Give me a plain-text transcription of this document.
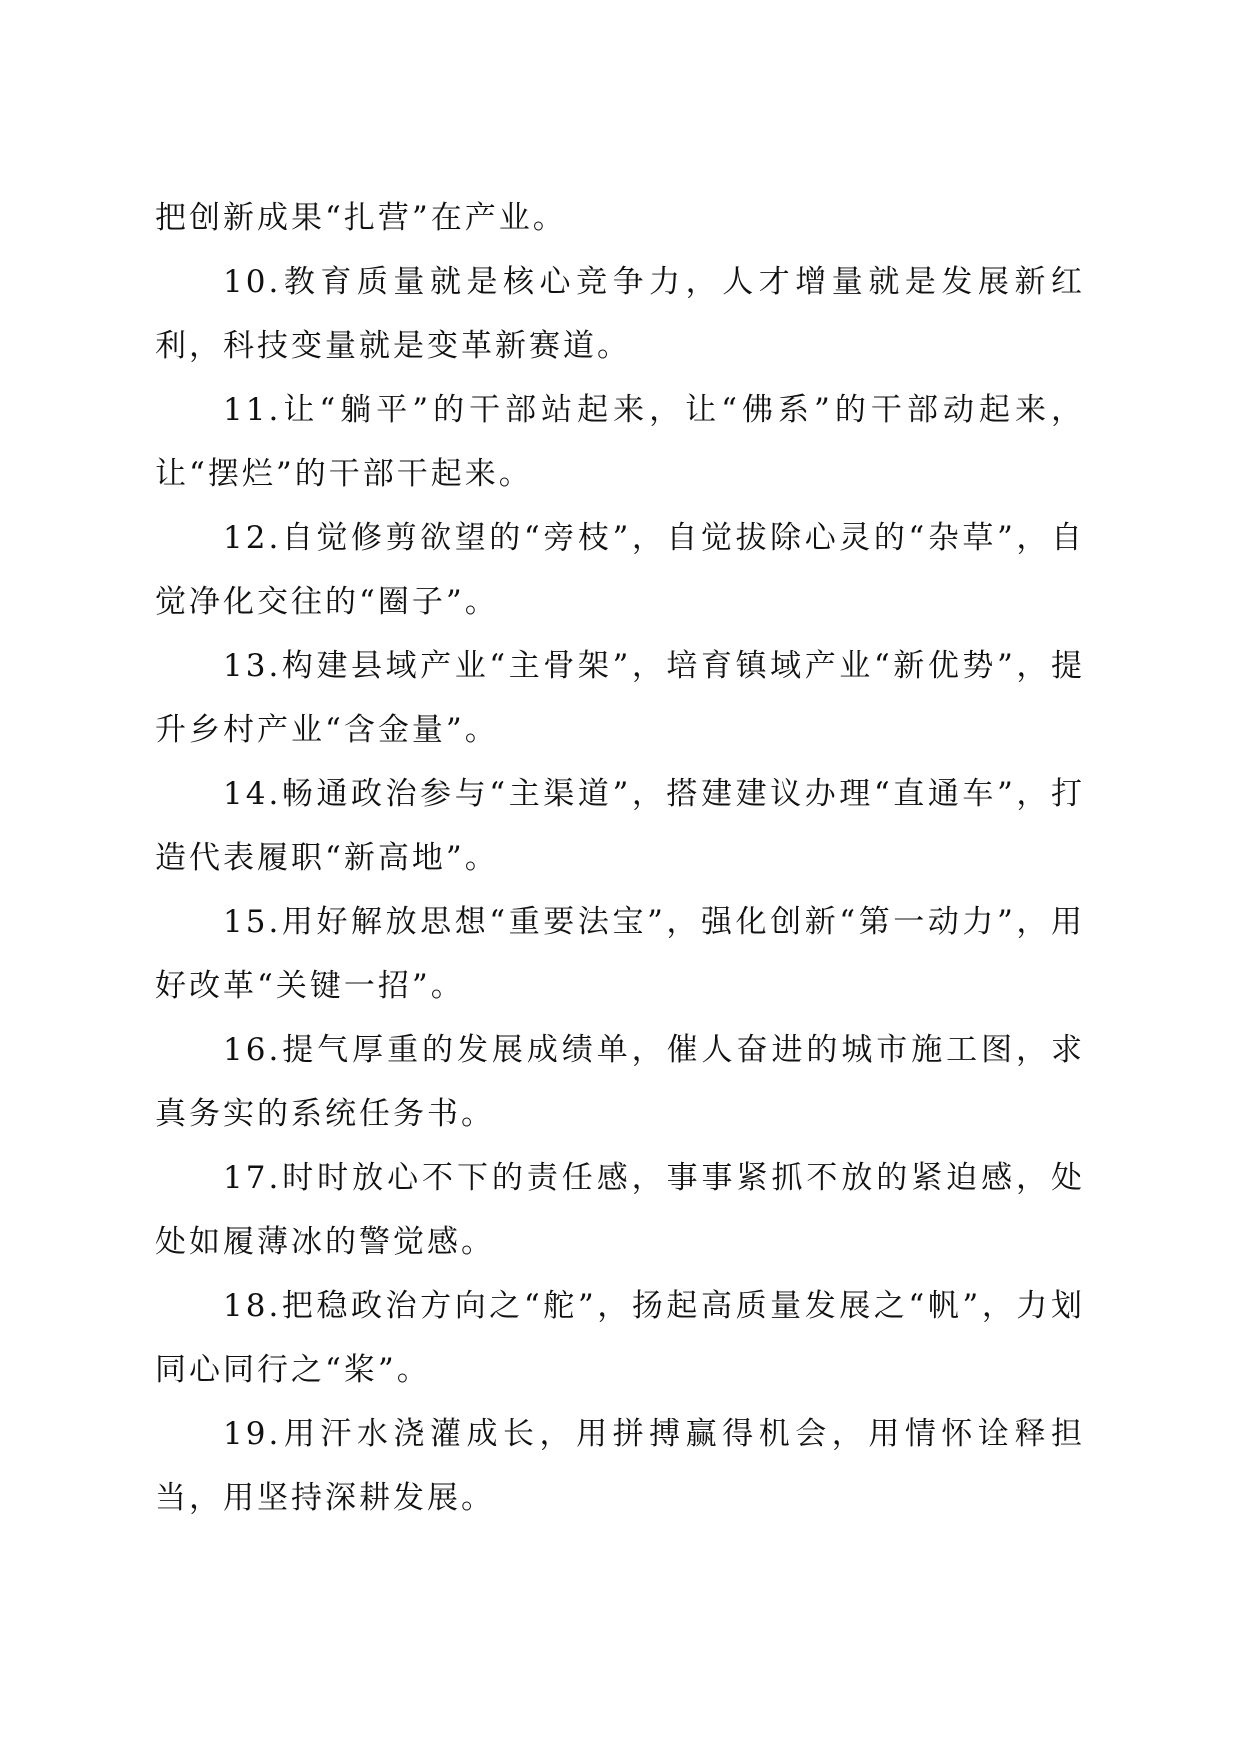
把创新成果“扎营”在产业。

10.教育质量就是核心竞争力，人才增量就是发展新红利，科技变量就是变革新赛道。

11.让“躺平”的干部站起来，让“佛系”的干部动起来，让“摆烂”的干部干起来。

12.自觉修剪欲望的“旁枝”，自觉拔除心灵的“杂草”，自觉净化交往的“圈子”。

13.构建县域产业“主骨架”，培育镇域产业“新优势”，提升乡村产业“含金量”。

14.畅通政治参与“主渠道”，搭建建议办理“直通车”，打造代表履职“新高地”。

15.用好解放思想“重要法宝”，强化创新“第一动力”，用好改革“关键一招”。

16.提气厚重的发展成绩单，催人奋进的城市施工图，求真务实的系统任务书。

17.时时放心不下的责任感，事事紧抓不放的紧迫感，处处如履薄冰的警觉感。

18.把稳政治方向之“舵”，扬起高质量发展之“帆”，力划同心同行之“桨”。

19.用汗水浇灌成长，用拼搏赢得机会，用情怀诠释担当，用坚持深耕发展。
